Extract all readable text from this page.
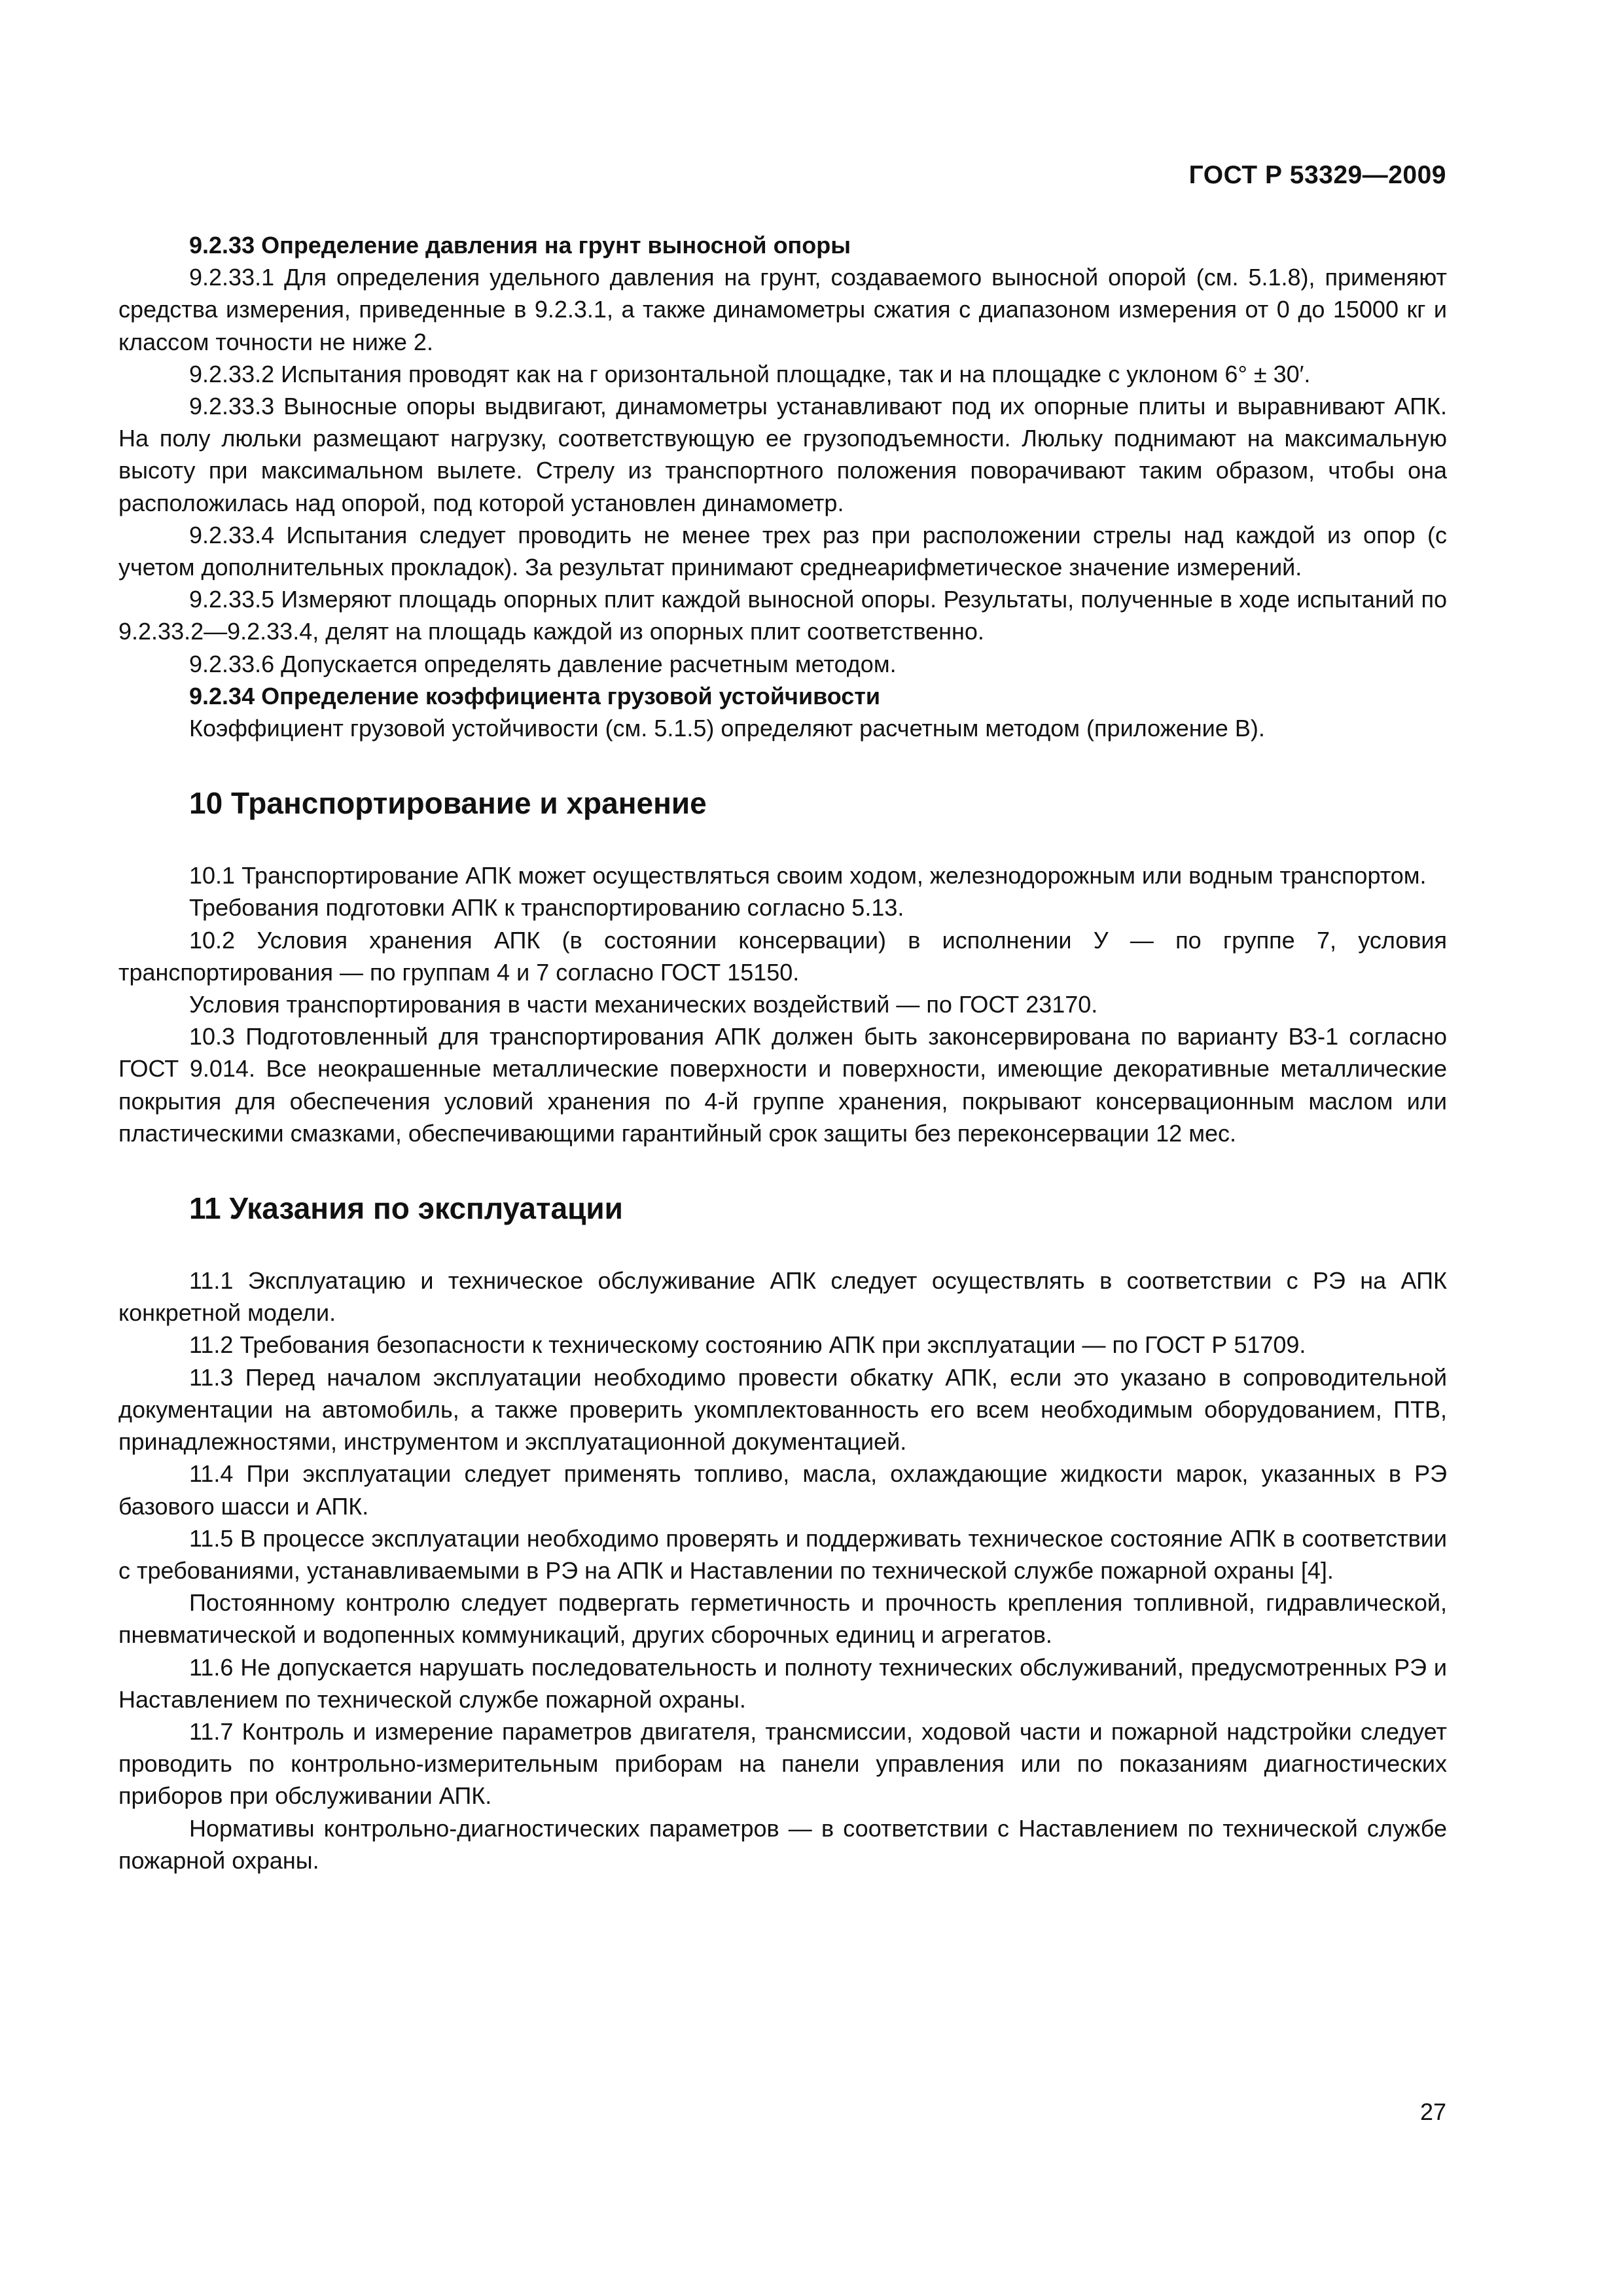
ГОСТ Р 53329—2009

9.2.33 Определение давления на грунт выносной опоры

9.2.33.1 Для определения удельного давления на грунт, создаваемого выносной опорой (см. 5.1.8), применяют средства измерения, приведенные в 9.2.3.1, а также динамометры сжатия с диапазоном измерения от 0 до 15000 кг и классом точности не ниже 2.

9.2.33.2 Испытания проводят как на г оризонтальной площадке, так и на площадке с уклоном 6° ± 30′.

9.2.33.3 Выносные опоры выдвигают, динамометры устанавливают под их опорные плиты и выравнивают АПК. На полу люльки размещают нагрузку, соответствующую ее грузоподъемности. Люльку поднимают на максимальную высоту при максимальном вылете. Стрелу из транспортного положения поворачивают таким образом, чтобы она расположилась над опорой, под которой установлен динамометр.

9.2.33.4 Испытания следует проводить не менее трех раз при расположении стрелы над каждой из опор (с учетом дополнительных прокладок). За результат принимают среднеарифметическое значение измерений.

9.2.33.5 Измеряют площадь опорных плит каждой выносной опоры. Результаты, полученные в ходе испытаний по 9.2.33.2—9.2.33.4, делят на площадь каждой из опорных плит соответственно.

9.2.33.6 Допускается определять давление расчетным методом.

9.2.34 Определение коэффициента грузовой устойчивости

Коэффициент грузовой устойчивости (см. 5.1.5) определяют расчетным методом (приложение В).

10 Транспортирование и хранение

10.1 Транспортирование АПК может осуществляться своим ходом, железнодорожным или водным транспортом.

Требования подготовки АПК к транспортированию согласно 5.13.

10.2 Условия хранения АПК (в состоянии консервации) в исполнении У — по группе 7, условия транспортирования — по группам 4 и 7 согласно ГОСТ 15150.

Условия транспортирования в части механических воздействий — по ГОСТ 23170.

10.3 Подготовленный для транспортирования АПК должен быть законсервирована по варианту ВЗ-1 согласно ГОСТ 9.014. Все неокрашенные металлические поверхности и поверхности, имеющие декоративные металлические покрытия для обеспечения условий хранения по 4-й группе хранения, покрывают консервационным маслом или пластическими смазками, обеспечивающими гарантийный срок защиты без переконсервации 12 мес.

11 Указания по эксплуатации

11.1 Эксплуатацию и техническое обслуживание АПК следует осуществлять в соответствии с РЭ на АПК конкретной модели.

11.2 Требования безопасности к техническому состоянию АПК при эксплуатации — по ГОСТ Р 51709.

11.3 Перед началом эксплуатации необходимо провести обкатку АПК, если это указано в сопроводительной документации на автомобиль, а также проверить укомплектованность его всем необходимым оборудованием, ПТВ, принадлежностями, инструментом и эксплуатационной документацией.

11.4 При эксплуатации следует применять топливо, масла, охлаждающие жидкости марок, указанных в РЭ базового шасси и АПК.

11.5 В процессе эксплуатации необходимо проверять и поддерживать техническое состояние АПК в соответствии с требованиями, устанавливаемыми в РЭ на АПК и Наставлении по технической службе пожарной охраны [4].

Постоянному контролю следует подвергать герметичность и прочность крепления топливной, гидравлической, пневматической и водопенных коммуникаций, других сборочных единиц и агрегатов.

11.6 Не допускается нарушать последовательность и полноту технических обслуживаний, предусмотренных РЭ и Наставлением по технической службе пожарной охраны.

11.7 Контроль и измерение параметров двигателя, трансмиссии, ходовой части и пожарной надстройки следует проводить по контрольно-измерительным приборам на панели управления или по показаниям диагностических приборов при обслуживании АПК.

Нормативы контрольно-диагностических параметров — в соответствии с Наставлением по технической службе пожарной охраны.

27
